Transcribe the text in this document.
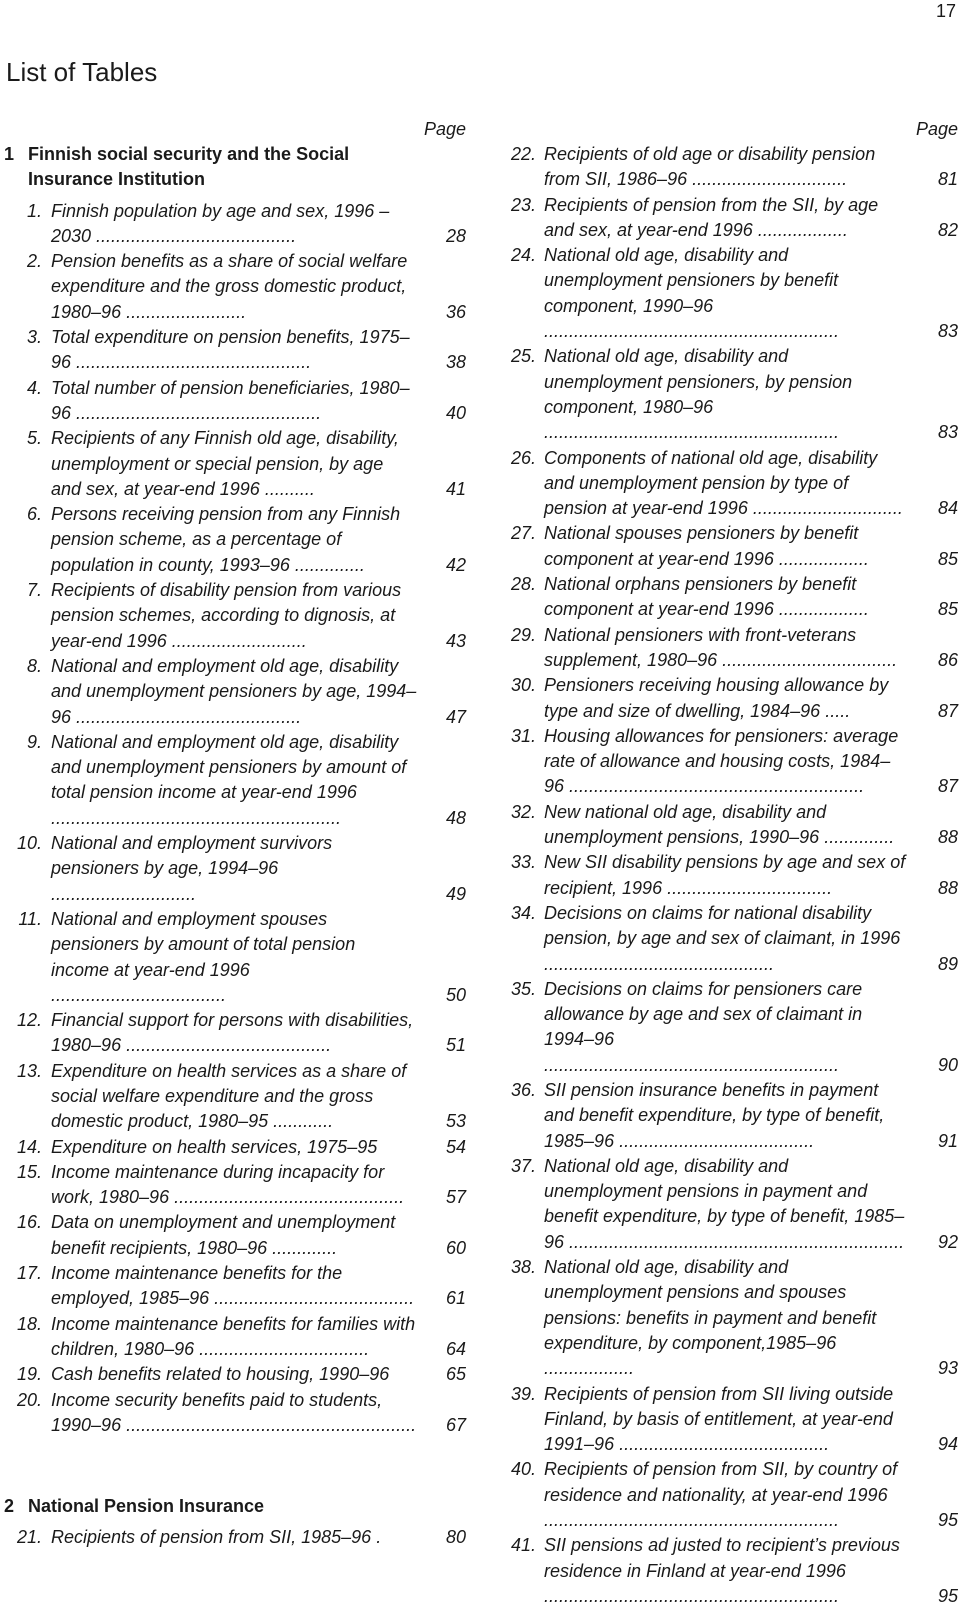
17
List of Tables
Page
1 Finnish social security and the Social Insurance Institution
1. Finnish population by age and sex, 1996 –2030 ........................................	28
2. Pension benefits as a share of social welfare expenditure and the gross domestic product, 1980–96 ........................	36
3. Total expenditure on pension benefits, 1975–96 ...............................................	38
4. Total number of pension beneficiaries, 1980–96 .................................................	40
5. Recipients of any Finnish old age, disability, unemployment or special pension, by age and sex, at year-end 1996 ..........	41
6. Persons receiving pension from any Finnish pension scheme, as a percentage of population in county, 1993–96 ..............	42
7. Recipients of disability pension from various pension schemes, according to dignosis, at year-end 1996 ...........................	43
8. National and employment old age, disability and unemployment pensioners by age, 1994–96 .............................................	47
9. National and employment old age, disability and unemployment pensioners by amount of total pension income at year-end 1996 ..........................................................	48
10. National and employment survivors pensioners by age, 1994–96 .............................	49
11. National and employment spouses pensioners by amount of total pension income at year-end 1996 ...................................	50
12. Financial support for persons with disabilities, 1980–96 .........................................	51
13. Expenditure on health services as a share of social welfare expenditure and the gross domestic product, 1980–95 ............	53
14. Expenditure on health services, 1975–95	54
15. Income maintenance during incapacity for work, 1980–96 ..............................................	57
16. Data on unemployment and unemployment benefit recipients, 1980–96 .............	60
17. Income maintenance benefits for the employed, 1985–96 ........................................ 61
18. Income maintenance benefits for families with children, 1980–96 ..................................	64
19. Cash benefits related to housing, 1990–96	65
20. Income security benefits paid to students, 1990–96 .......................................................... 67
2 National Pension Insurance
21. Recipients of pension from SII, 1985–96 .	80
Page
22. Recipients of old age or disability pension from SII, 1986–96 ...............................	81
23. Recipients of pension from the SII, by age and sex, at year-end 1996 ..................	82
24. National old age, disability and unemployment pensioners by benefit component, 1990–96 ...........................................................	83
25. National old age, disability and unemployment pensioners, by pension component, 1980–96 ...........................................................	83
26. Components of national old age, disability and unemployment pension by type of pension at year-end 1996 .............................. 84
27. National spouses pensioners by benefit component at year-end 1996 ..................	85
28. National orphans pensioners by benefit component at year-end 1996 ..................	85
29. National pensioners with front-veterans supplement, 1980–96 ...................................	86
30. Pensioners receiving housing allowance by type and size of dwelling, 1984–96 .....	87
31. Housing allowances for pensioners: average rate of allowance and housing costs, 1984–96 ...........................................................	87
32. New national old age, disability and unemployment pensions, 1990–96 ..............	88
33. New SII disability pensions by age and sex of recipient, 1996 .................................	88
34. Decisions on claims for national disability pension, by age and sex of claimant, in 1996 ..............................................	89
35. Decisions on claims for pensioners care allowance by age and sex of claimant in 1994–96 ...........................................................	90
36. SII pension insurance benefits in payment and benefit expenditure, by type of benefit, 1985–96 .......................................	91
37. National old age, disability and unemployment pensions in payment and benefit expenditure, by type of benefit, 1985–96 ................................................................... 92
38. National old age, disability and unemployment pensions and spouses pensions: benefits in payment and benefit expenditure, by component,1985–96 ..................	93
39. Recipients of pension from SII living outside Finland, by basis of entitlement, at year-end 1991–96 ..........................................	94
40. Recipients of pension from SII, by country of residence and nationality, at year-end 1996 ...........................................................	95
41. SII pensions ad justed to recipient’s previous residence in Finland at year-end 1996 ...........................................................	95
